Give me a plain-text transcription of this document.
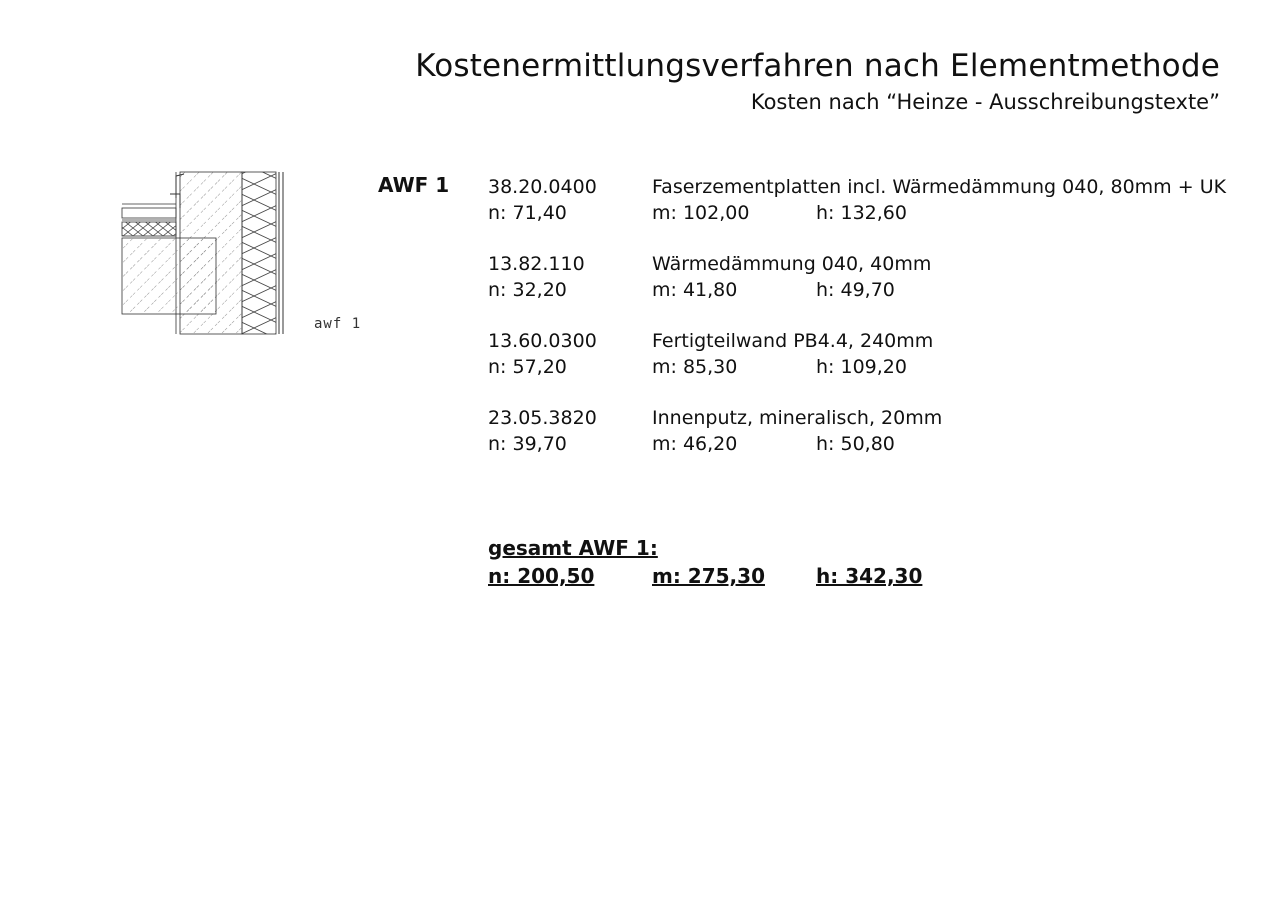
Kostenermittlungsverfahren nach Elementmethode
Kosten nach “Heinze - Ausschreibungstexte”
awf 1
AWF 1 38.20.0400	Faserzementplatten incl. Wärmedämmung 040, 80mm + UK
n: 71,40	m: 102,00	h: 132,60
13.82.110	Wärmedämmung 040, 40mm
n: 32,20	m: 41,80	h: 49,70
13.60.0300	Fertigteilwand PB4.4, 240mm
n: 57,20	m: 85,30	h: 109,20
23.05.3820	Innenputz, mineralisch, 20mm
n: 39,70	m: 46,20	h: 50,80
gesamt AWF 1:
n: 200,50	m: 275,30	h: 342,30
